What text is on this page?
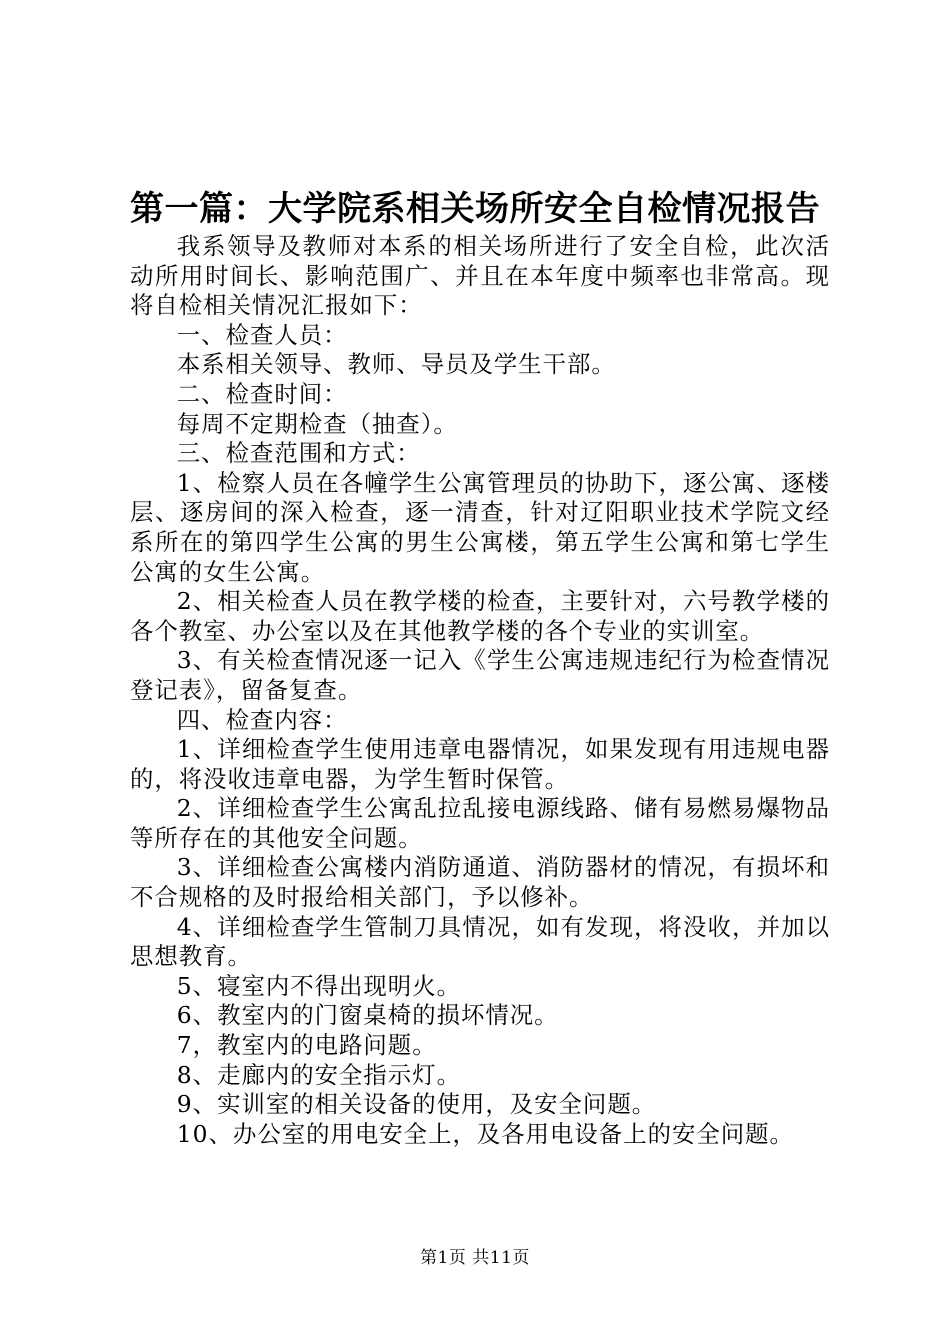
第一篇：大学院系相关场所安全自检情况报告

我系领导及教师对本系的相关场所进行了安全自检，此次活动所用时间长、影响范围广、并且在本年度中频率也非常高。现将自检相关情况汇报如下：

一、检查人员：

本系相关领导、教师、导员及学生干部。

二、检查时间：

每周不定期检查（抽查）。

三、检查范围和方式：

1、检察人员在各幢学生公寓管理员的协助下，逐公寓、逐楼层、逐房间的深入检查，逐一清查，针对辽阳职业技术学院文经系所在的第四学生公寓的男生公寓楼，第五学生公寓和第七学生公寓的女生公寓。

2、相关检查人员在教学楼的检查，主要针对，六号教学楼的各个教室、办公室以及在其他教学楼的各个专业的实训室。

3、有关检查情况逐一记入《学生公寓违规违纪行为检查情况登记表》，留备复查。

四、检查内容：

1、详细检查学生使用违章电器情况，如果发现有用违规电器的，将没收违章电器，为学生暂时保管。

2、详细检查学生公寓乱拉乱接电源线路、储有易燃易爆物品等所存在的其他安全问题。

3、详细检查公寓楼内消防通道、消防器材的情况，有损坏和不合规格的及时报给相关部门，予以修补。

4、详细检查学生管制刀具情况，如有发现，将没收，并加以思想教育。

5、寝室内不得出现明火。

6、教室内的门窗桌椅的损坏情况。

7，教室内的电路问题。

8、走廊内的安全指示灯。

9、实训室的相关设备的使用，及安全问题。

10、办公室的用电安全上，及各用电设备上的安全问题。

第1页 共11页
